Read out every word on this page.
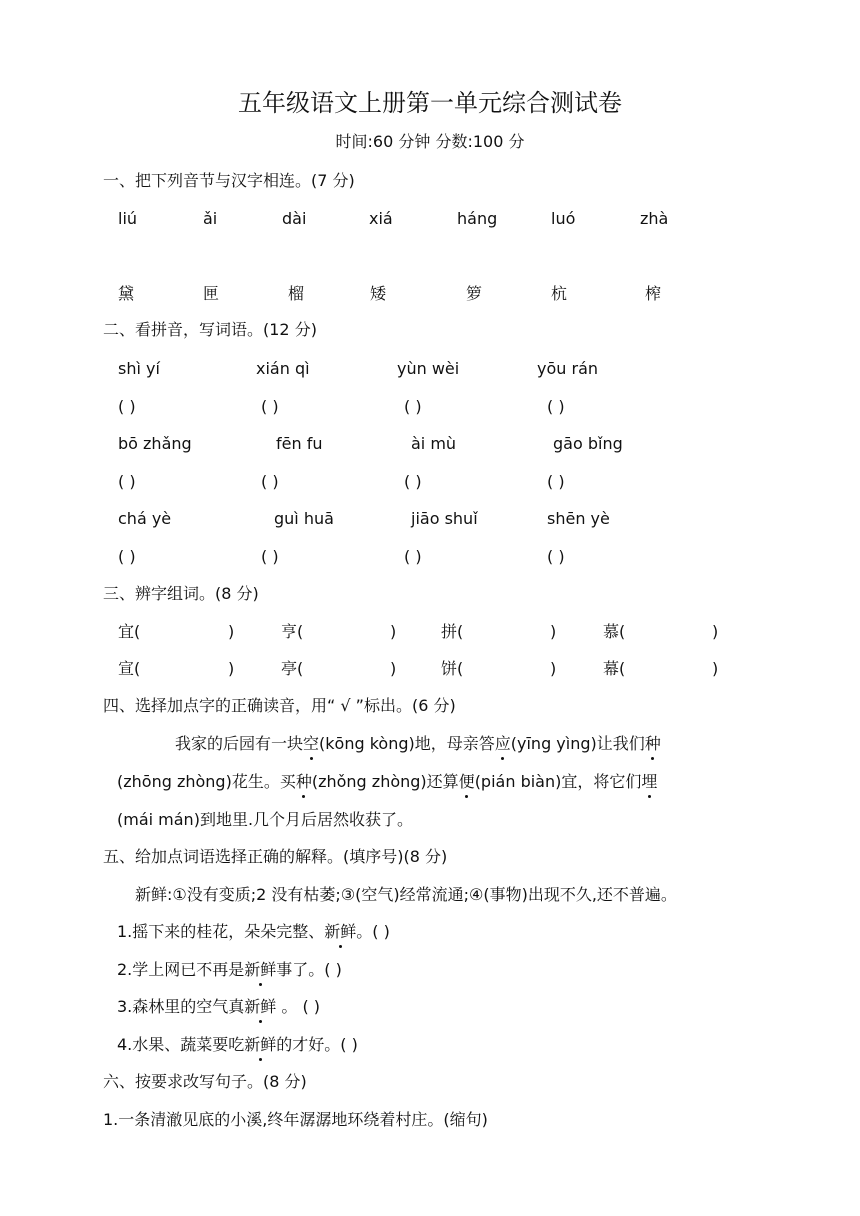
五年级语文上册第一单元综合测试卷
时间:60 分钟 分数:100 分
一、把下列音节与汉字相连。(7 分)
liú	ǎi	dài	xiá	háng	luó	zhà
黛	匣	榴	矮	箩	杭	榨
二、看拼音，写词语。(12 分)
shì yí	xián qì	yùn wèi	yōu rán
( )	( )	( )	( )
bō zhǎng	fēn fu	ài mù	gāo bǐng
( )	( )	( )	( )
chá yè	guì huā	jiāo shuǐ	shēn yè
( )	( )	( )	( )
三、辨字组词。(8 分)
宜(	)	亨(	)	拼(	)	慕(	)
宣(	)	亭(	)	饼(	)	幕(	)
四、选择加点字的正确读音，用“ √ ”标出。(6 分)
我家的后园有一块空(kōng kòng)地，母亲答应(yīng yìng)让我们种
(zhōng zhòng)花生。买种(zhǒng zhòng)还算便(pián biàn)宜，将它们埋
(mái mán)到地里.几个月后居然收获了。
五、给加点词语选择正确的解释。(填序号)(8 分)
新鲜:①没有变质;2 没有枯萎;③(空气)经常流通;④(事物)出现不久,还不普遍。
1.摇下来的桂花，朵朵完整、新鲜。( )
2.学上网已不再是新鲜事了。( )
3.森林里的空气真新鲜 。 ( )
4.水果、蔬菜要吃新鲜的才好。( )
六、按要求改写句子。(8 分)
1.一条清澈见底的小溪,终年潺潺地环绕着村庄。(缩句)
